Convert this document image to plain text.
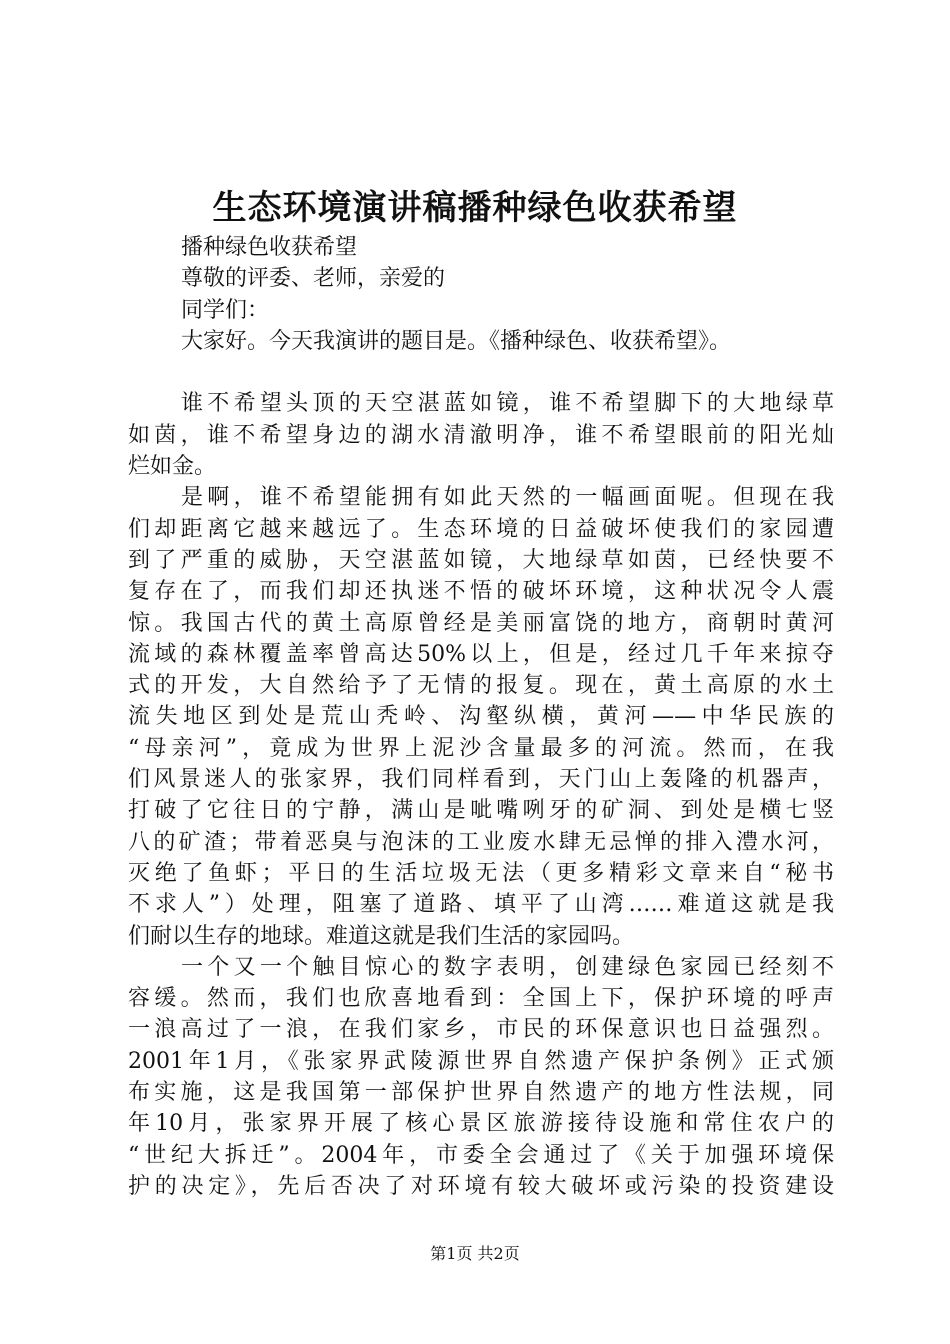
生态环境演讲稿播种绿色收获希望
播种绿色收获希望
尊敬的评委、老师，亲爱的
同学们：
大家好。今天我演讲的题目是。《播种绿色、收获希望》。
谁不希望头顶的天空湛蓝如镜，谁不希望脚下的大地绿草
如茵，谁不希望身边的湖水清澈明净，谁不希望眼前的阳光灿
烂如金。
是啊，谁不希望能拥有如此天然的一幅画面呢。但现在我
们却距离它越来越远了。生态环境的日益破坏使我们的家园遭
到了严重的威胁，天空湛蓝如镜，大地绿草如茵，已经快要不
复存在了，而我们却还执迷不悟的破坏环境，这种状况令人震
惊。我国古代的黄土高原曾经是美丽富饶的地方，商朝时黄河
流域的森林覆盖率曾高达50%以上，但是，经过几千年来掠夺
式的开发，大自然给予了无情的报复。现在，黄土高原的水土
流失地区到处是荒山秃岭、沟壑纵横，黄河——中华民族的
“母亲河”，竟成为世界上泥沙含量最多的河流。然而，在我
们风景迷人的张家界，我们同样看到，天门山上轰隆的机器声，
打破了它往日的宁静，满山是呲嘴咧牙的矿洞、到处是横七竖
八的矿渣；带着恶臭与泡沫的工业废水肆无忌惮的排入澧水河，
灭绝了鱼虾；平日的生活垃圾无法（更多精彩文章来自“秘书
不求人”）处理，阻塞了道路、填平了山湾……难道这就是我
们耐以生存的地球。难道这就是我们生活的家园吗。
一个又一个触目惊心的数字表明，创建绿色家园已经刻不
容缓。然而，我们也欣喜地看到：全国上下，保护环境的呼声
一浪高过了一浪，在我们家乡，市民的环保意识也日益强烈。
2001年1月，《张家界武陵源世界自然遗产保护条例》正式颁
布实施，这是我国第一部保护世界自然遗产的地方性法规，同
年10月，张家界开展了核心景区旅游接待设施和常住农户的
“世纪大拆迁”。2004年，市委全会通过了《关于加强环境保
护的决定》，先后否决了对环境有较大破坏或污染的投资建设
第1页 共2页
